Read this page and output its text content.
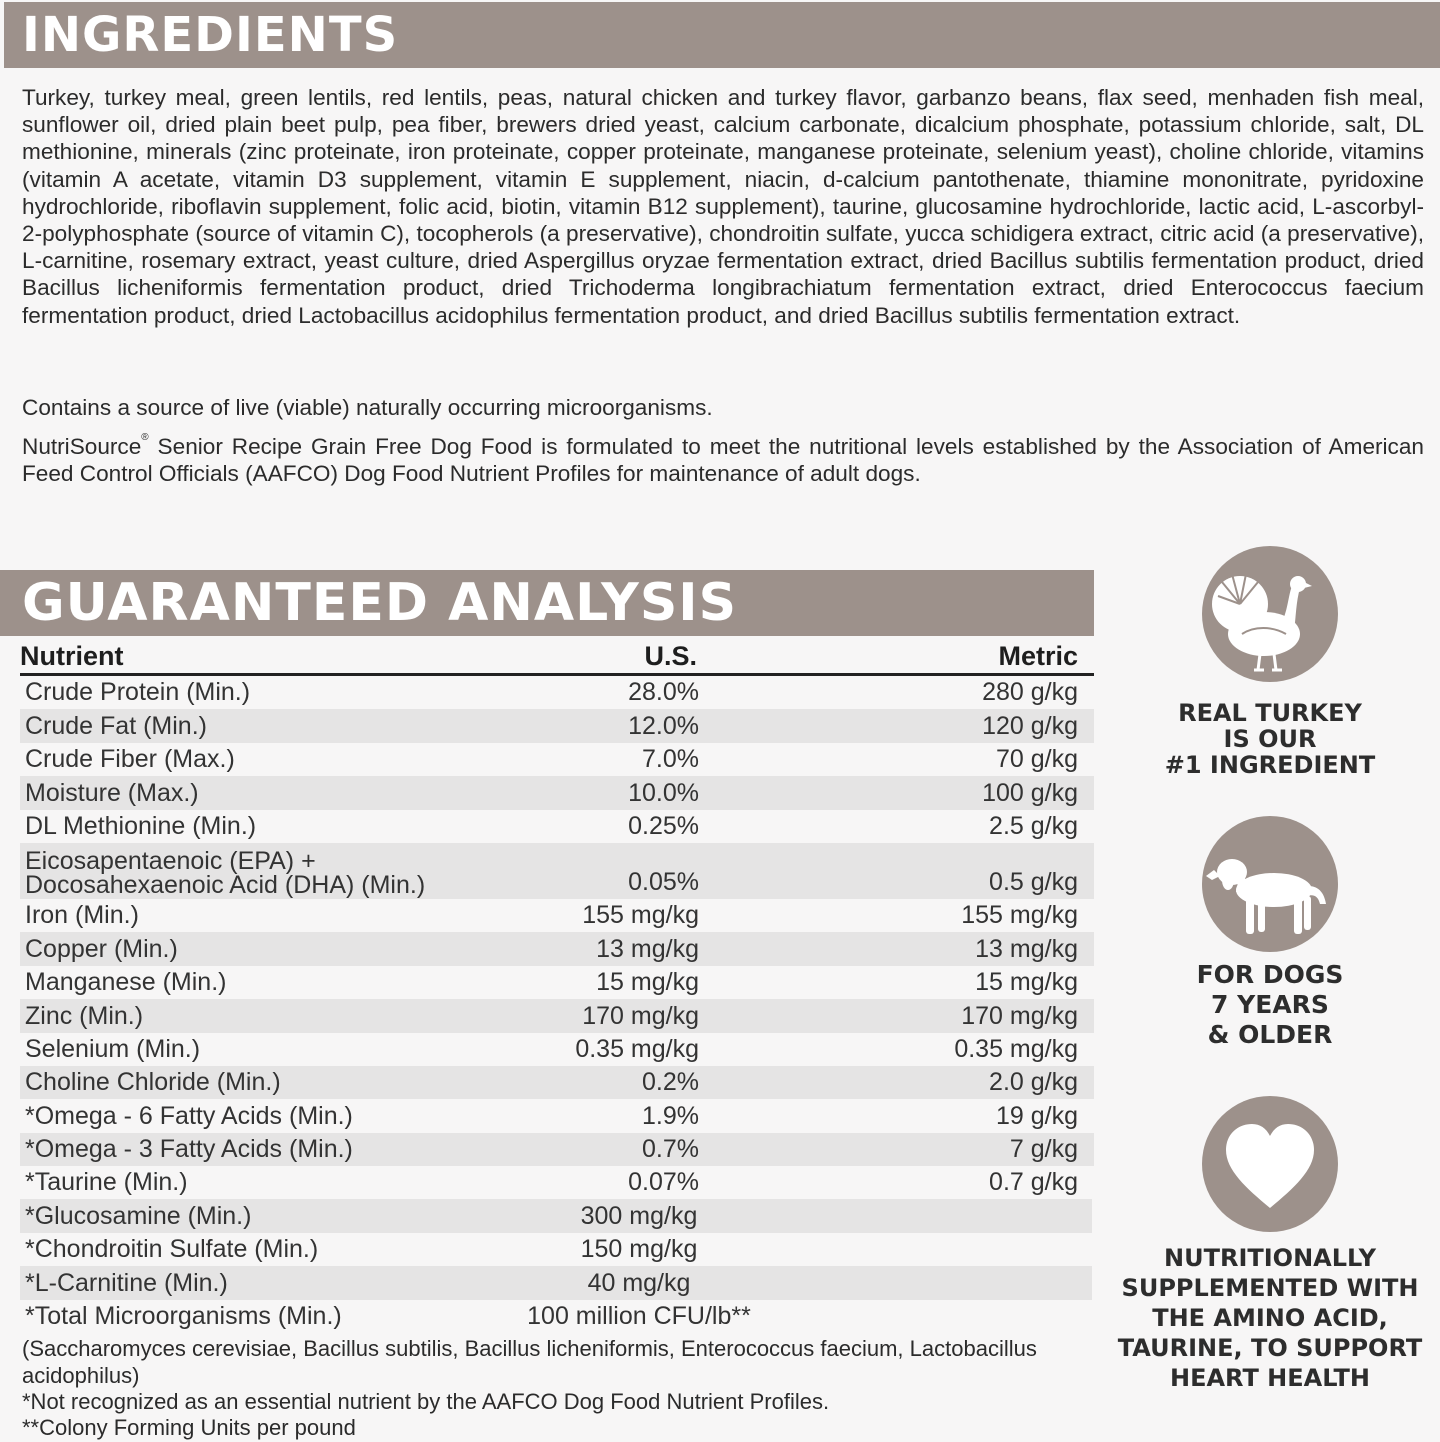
INGREDIENTS

Turkey, turkey meal, green lentils, red lentils, peas, natural chicken and turkey flavor, garbanzo beans, flax seed, menhaden fish meal, sunflower oil, dried plain beet pulp, pea fiber, brewers dried yeast, calcium carbonate, dicalcium phosphate, potassium chloride, salt, DL methionine, minerals (zinc proteinate, iron proteinate, copper proteinate, manganese proteinate, selenium yeast), choline chloride, vitamins (vitamin A acetate, vitamin D3 supplement, vitamin E supplement, niacin, d-calcium pantothenate, thiamine mononitrate, pyridoxine hydrochloride, riboflavin supplement, folic acid, biotin, vitamin B12 supplement), taurine, glucosamine hydrochloride, lactic acid, L-ascorbyl-2-polyphosphate (source of vitamin C), tocopherols (a preservative), chondroitin sulfate, yucca schidigera extract, citric acid (a preservative), L-carnitine, rosemary extract, yeast culture, dried Aspergillus oryzae fermentation extract, dried Bacillus subtilis fermentation product, dried Bacillus licheniformis fermentation product, dried Trichoderma longibrachiatum fermentation extract, dried Enterococcus faecium fermentation product, dried Lactobacillus acidophilus fermentation product, and dried Bacillus subtilis fermentation extract.

Contains a source of live (viable) naturally occurring microorganisms.

NutriSource® Senior Recipe Grain Free Dog Food is formulated to meet the nutritional levels established by the Association of American Feed Control Officials (AAFCO) Dog Food Nutrient Profiles for maintenance of adult dogs.

GUARANTEED ANALYSIS
Nutrient	U.S.	Metric
Crude Protein (Min.)	28.0%	280 g/kg
Crude Fat (Min.)	12.0%	120 g/kg
Crude Fiber (Max.)	7.0%	70 g/kg
Moisture (Max.)	10.0%	100 g/kg
DL Methionine (Min.)	0.25%	2.5 g/kg
Eicosapentaenoic (EPA) +
Docosahexaenoic Acid (DHA) (Min.)	0.05%	0.5 g/kg
Iron (Min.)	155 mg/kg	155 mg/kg
Copper (Min.)	13 mg/kg	13 mg/kg
Manganese (Min.)	15 mg/kg	15 mg/kg
Zinc (Min.)	170 mg/kg	170 mg/kg
Selenium (Min.)	0.35 mg/kg	0.35 mg/kg
Choline Chloride (Min.)	0.2%	2.0 g/kg
*Omega - 6 Fatty Acids (Min.)	1.9%	19 g/kg
*Omega - 3 Fatty Acids (Min.)	0.7%	7 g/kg
*Taurine (Min.)	0.07%	0.7 g/kg
*Glucosamine (Min.)	300 mg/kg
*Chondroitin Sulfate (Min.)	150 mg/kg
*L-Carnitine (Min.)	40 mg/kg
*Total Microorganisms (Min.)	100 million CFU/lb**

(Saccharomyces cerevisiae, Bacillus subtilis, Bacillus licheniformis, Enterococcus faecium, Lactobacillus acidophilus)

*Not recognized as an essential nutrient by the AAFCO Dog Food Nutrient Profiles.

**Colony Forming Units per pound

REAL TURKEY
IS OUR
#1 INGREDIENT

FOR DOGS
7 YEARS
& OLDER

NUTRITIONALLY
SUPPLEMENTED WITH
THE AMINO ACID,
TAURINE, TO SUPPORT
HEART HEALTH
